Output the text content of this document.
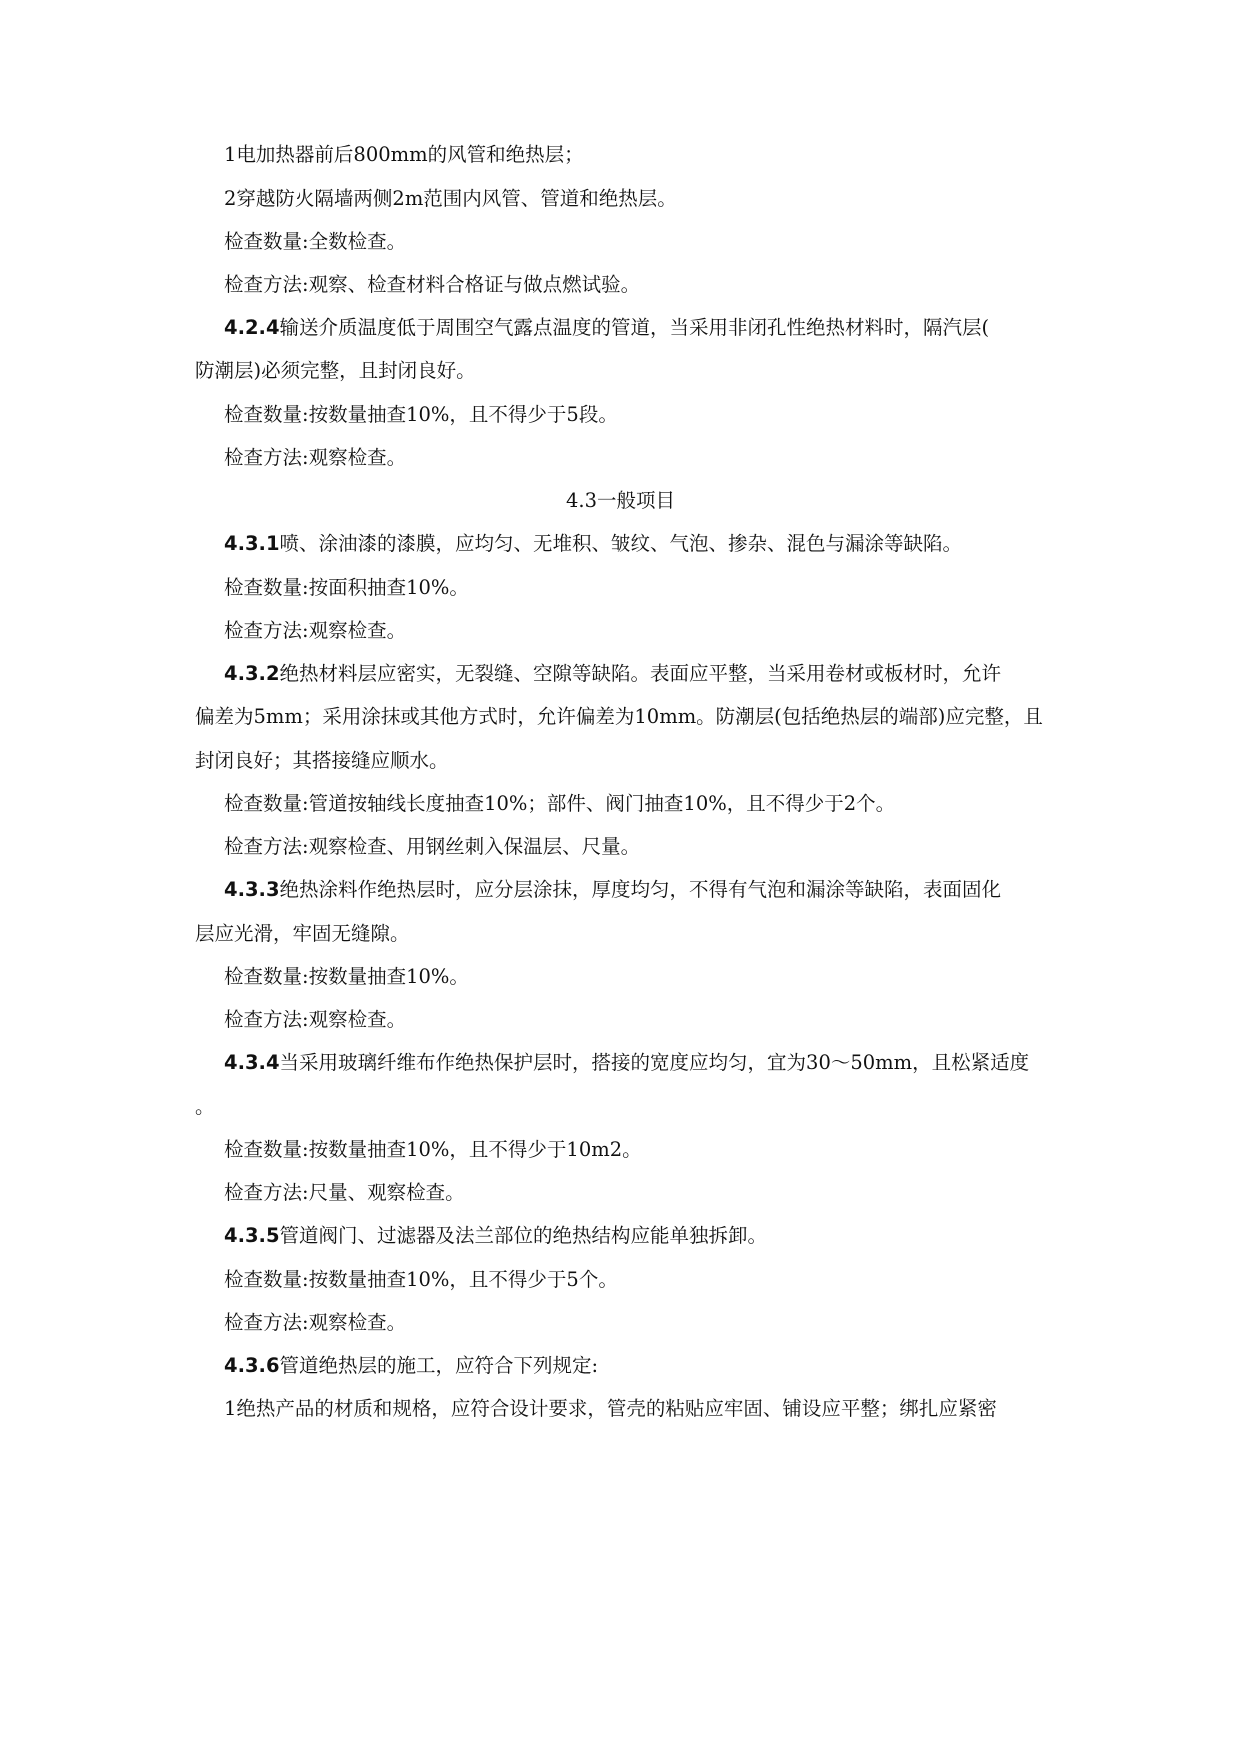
1电加热器前后800mm的风管和绝热层；
2穿越防火隔墙两侧2m范围内风管、管道和绝热层。
检查数量:全数检查。
检查方法:观察、检查材料合格证与做点燃试验。
4.2.4输送介质温度低于周围空气露点温度的管道，当采用非闭孔性绝热材料时，隔汽层(
防潮层)必须完整，且封闭良好。
检查数量:按数量抽查10%，且不得少于5段。
检查方法:观察检查。
4.3一般项目
4.3.1喷、涂油漆的漆膜，应均匀、无堆积、皱纹、气泡、掺杂、混色与漏涂等缺陷。
检查数量:按面积抽查10%。
检查方法:观察检查。
4.3.2绝热材料层应密实，无裂缝、空隙等缺陷。表面应平整，当采用卷材或板材时，允许
偏差为5mm；采用涂抹或其他方式时，允许偏差为10mm。防潮层(包括绝热层的端部)应完整，且
封闭良好；其搭接缝应顺水。
检查数量:管道按轴线长度抽查10%；部件、阀门抽查10%，且不得少于2个。
检查方法:观察检查、用钢丝刺入保温层、尺量。
4.3.3绝热涂料作绝热层时，应分层涂抹，厚度均匀，不得有气泡和漏涂等缺陷，表面固化
层应光滑，牢固无缝隙。
检查数量:按数量抽查10%。
检查方法:观察检查。
4.3.4当采用玻璃纤维布作绝热保护层时，搭接的宽度应均匀，宜为30～50mm，且松紧适度
。
检查数量:按数量抽查10%，且不得少于10m2。
检查方法:尺量、观察检查。
4.3.5管道阀门、过滤器及法兰部位的绝热结构应能单独拆卸。
检查数量:按数量抽查10%，且不得少于5个。
检查方法:观察检查。
4.3.6管道绝热层的施工，应符合下列规定:
1绝热产品的材质和规格，应符合设计要求，管壳的粘贴应牢固、铺设应平整；绑扎应紧密
